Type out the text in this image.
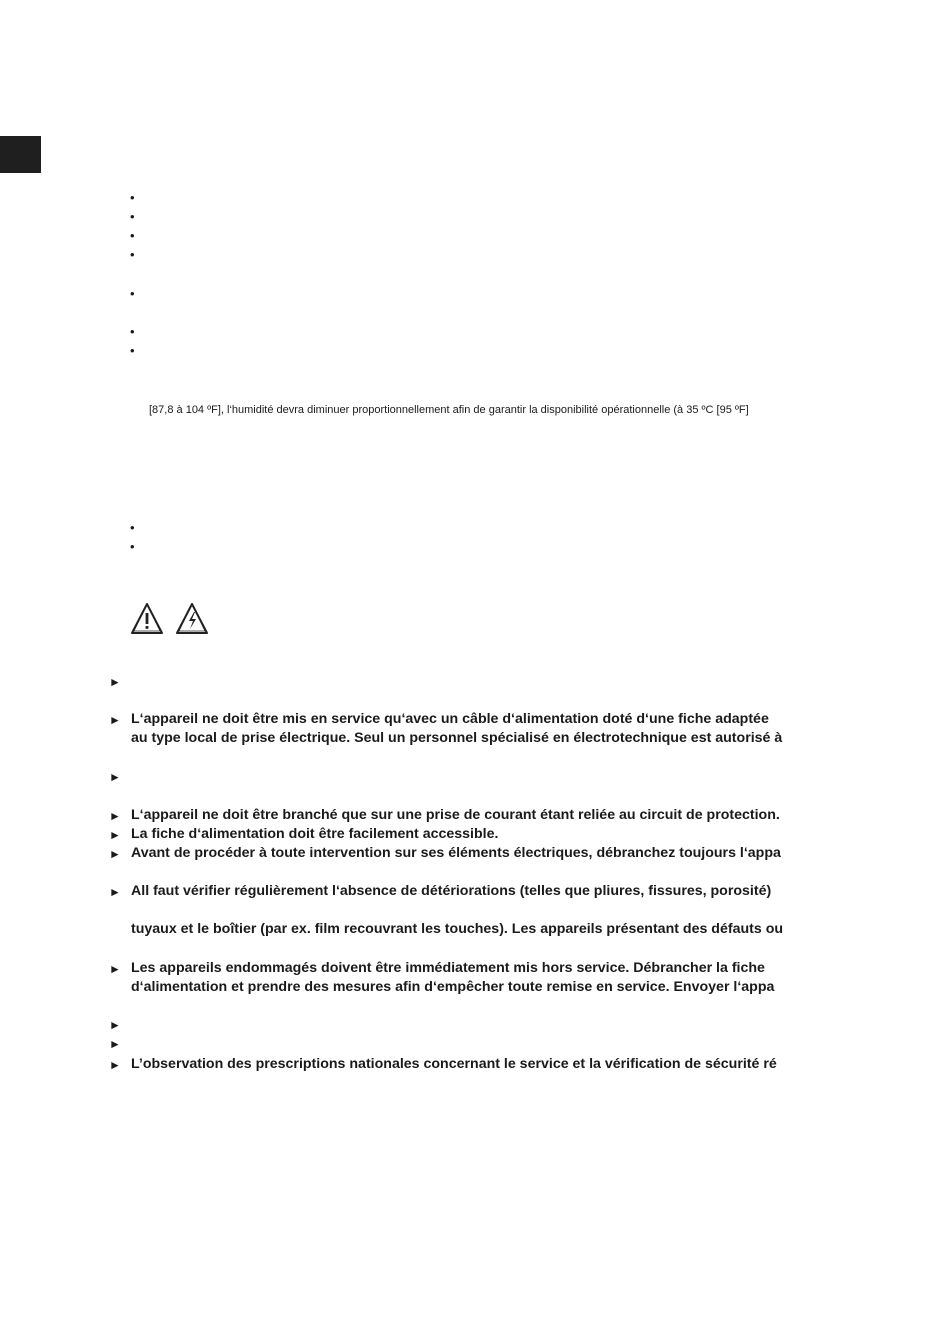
•
•
•
•
•
•
•
[87,8 à 104 ºF], l‘humidité devra diminuer proportionnellement afin de garantir la disponibilité opérationnelle (à 35 ºC [95 ºF]
•
•
►
► L‘appareil ne doit être mis en service qu‘avec un câble d‘alimentation doté d‘une fiche adaptée
au type local de prise électrique. Seul un personnel spécialisé en électrotechnique est autorisé à
►
► L‘appareil ne doit être branché que sur une prise de courant étant reliée au circuit de protection.
► La fiche d‘alimentation doit être facilement accessible.
► Avant de procéder à toute intervention sur ses éléments électriques, débranchez toujours l‘appa
► All faut vérifier régulièrement l‘absence de détériorations (telles que pliures, fissures, porosité)
tuyaux et le boîtier (par ex. film recouvrant les touches). Les appareils présentant des défauts ou
► Les appareils endommagés doivent être immédiatement mis hors service. Débrancher la fiche
d‘alimentation et prendre des mesures afin d‘empêcher toute remise en service. Envoyer l‘appa
►
►
► L’observation des prescriptions nationales concernant le service et la vérification de sécurité ré
